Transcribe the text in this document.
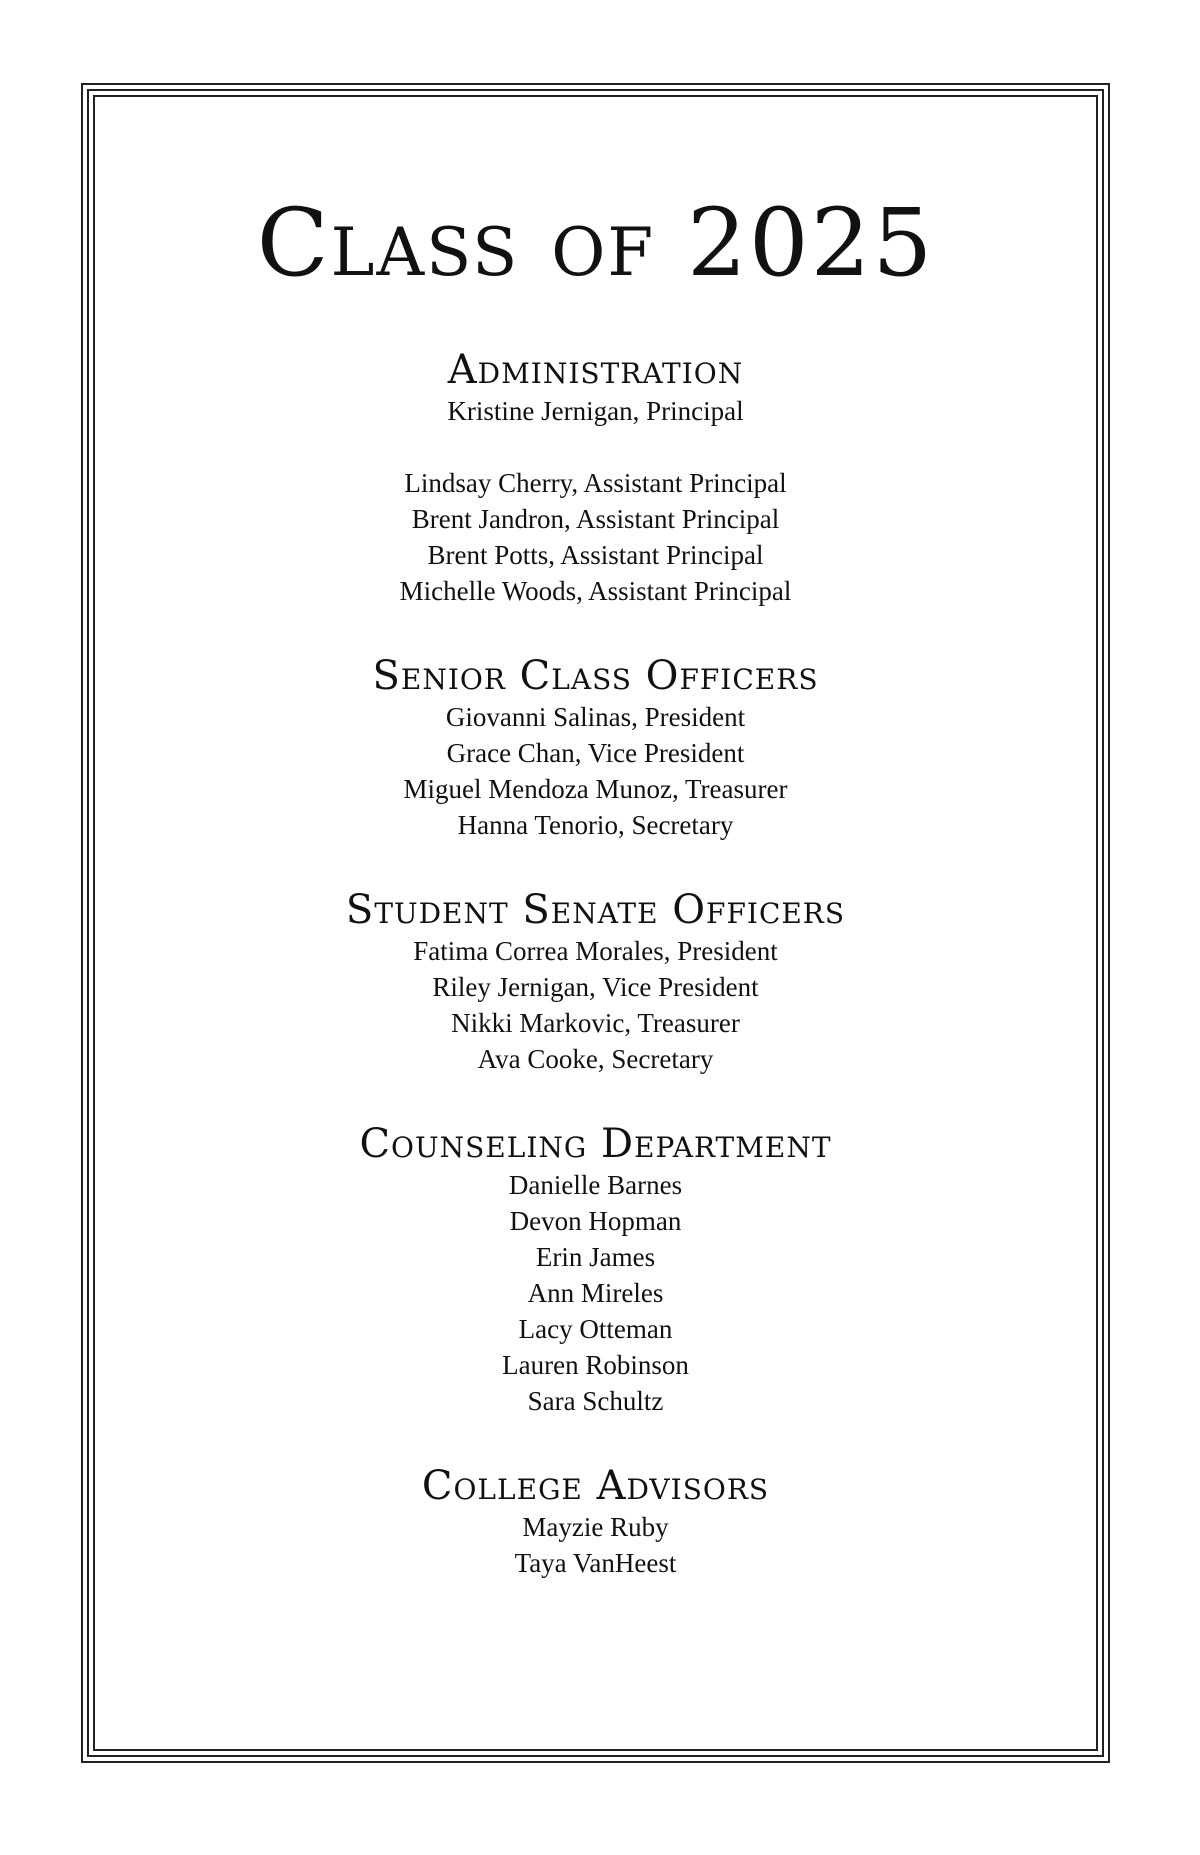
Class of 2025
Administration
Kristine Jernigan, Principal
Lindsay Cherry, Assistant Principal
Brent Jandron, Assistant Principal
Brent Potts, Assistant Principal
Michelle Woods, Assistant Principal
Senior Class Officers
Giovanni Salinas, President
Grace Chan, Vice President
Miguel Mendoza Munoz, Treasurer
Hanna Tenorio, Secretary
Student Senate Officers
Fatima Correa Morales, President
Riley Jernigan, Vice President
Nikki Markovic, Treasurer
Ava Cooke, Secretary
Counseling Department
Danielle Barnes
Devon Hopman
Erin James
Ann Mireles
Lacy Otteman
Lauren Robinson
Sara Schultz
College Advisors
Mayzie Ruby
Taya VanHeest
